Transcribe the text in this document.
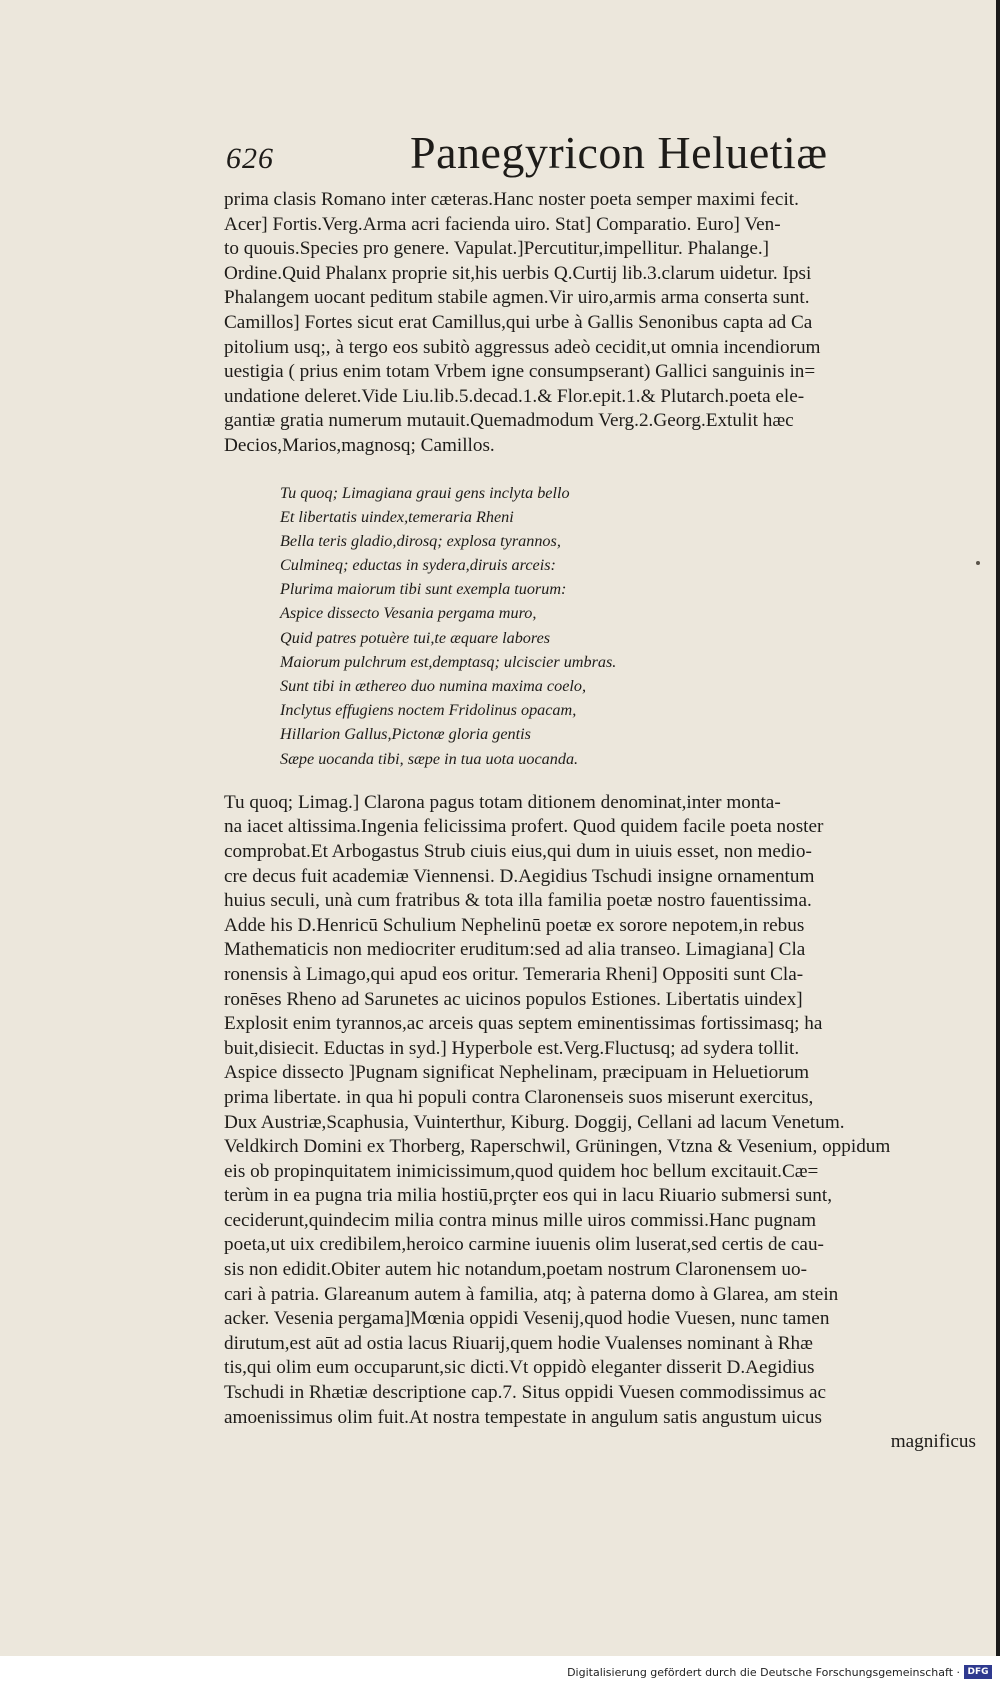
626	Panegyricon Heluetiæ
prima clasis Romano inter cæteras.Hanc noster poeta semper maximi fecit.
Acer] Fortis.Verg.Arma acri facienda uiro. Stat] Comparatio. Euro] Ven-
to quouis.Species pro genere. Vapulat.]Percutitur,impellitur. Phalange.]
Ordine.Quid Phalanx proprie sit,his uerbis Q.Curtij lib.3.clarum uidetur. Ipsi
Phalangem uocant peditum stabile agmen.Vir uiro,armis arma conserta sunt.
Camillos] Fortes sicut erat Camillus,qui urbe à Gallis Senonibus capta ad Ca
pitolium usq;, à tergo eos subitò aggressus adeò cecidit,ut omnia incendiorum
uestigia ( prius enim totam Vrbem igne consumpserant) Gallici sanguinis in=
undatione deleret.Vide Liu.lib.5.decad.1.& Flor.epit.1.& Plutarch.poeta ele-
gantiæ gratia numerum mutauit.Quemadmodum Verg.2.Georg.Extulit hæc
Decios,Marios,magnosq; Camillos.
Tu quoq; Limagiana graui gens inclyta bello
Et libertatis uindex,temeraria Rheni
Bella teris gladio,dirosq; explosa tyrannos,
Culmineq; eductas in sydera,diruis arceis:
Plurima maiorum tibi sunt exempla tuorum:
Aspice dissecto Vesania pergama muro,
Quid patres potuère tui,te æquare labores
Maiorum pulchrum est,demptasq; ulciscier umbras.
Sunt tibi in æthereo duo numina maxima coelo,
Inclytus effugiens noctem Fridolinus opacam,
Hillarion Gallus,Pictonæ gloria gentis
Sæpe uocanda tibi, sæpe in tua uota uocanda.
Tu quoq; Limag.] Clarona pagus totam ditionem denominat,inter monta-
na iacet altissima.Ingenia felicissima profert. Quod quidem facile poeta noster
comprobat.Et Arbogastus Strub ciuis eius,qui dum in uiuis esset, non medio-
cre decus fuit academiæ Viennensi. D.Aegidius Tschudi insigne ornamentum
huius seculi, unà cum fratribus & tota illa familia poetæ nostro fauentissima.
Adde his D.Henricū Schulium Nephelinū poetæ ex sorore nepotem,in rebus
Mathematicis non mediocriter eruditum:sed ad alia transeo. Limagiana] Cla
ronensis à Limago,qui apud eos oritur. Temeraria Rheni] Oppositi sunt Cla-
ronēses Rheno ad Sarunetes ac uicinos populos Estiones. Libertatis uindex]
Explosit enim tyrannos,ac arceis quas septem eminentissimas fortissimasq; ha
buit,disiecit. Eductas in syd.] Hyperbole est.Verg.Fluctusq; ad sydera tollit.
Aspice dissecto ]Pugnam significat Nephelinam, præcipuam in Heluetiorum
prima libertate. in qua hi populi contra Claronenseis suos miserunt exercitus,
Dux Austriæ,Scaphusia, Vuinterthur, Kiburg. Doggij, Cellani ad lacum Venetum.
Veldkirch Domini ex Thorberg, Raperschwil, Grüningen, Vtzna & Vesenium, oppidum
eis ob propinquitatem inimicissimum,quod quidem hoc bellum excitauit.Cæ=
terùm in ea pugna tria milia hostiū,prçter eos qui in lacu Riuario submersi sunt,
ceciderunt,quindecim milia contra minus mille uiros commissi.Hanc pugnam
poeta,ut uix credibilem,heroico carmine iuuenis olim luserat,sed certis de cau-
sis non edidit.Obiter autem hic notandum,poetam nostrum Claronensem uo-
cari à patria. Glareanum autem à familia, atq; à paterna domo à Glarea, am stein
acker. Vesenia pergama]Mœnia oppidi Vesenij,quod hodie Vuesen, nunc tamen
dirutum,est aūt ad ostia lacus Riuarij,quem hodie Vualenses nominant à Rhæ
tis,qui olim eum occuparunt,sic dicti.Vt oppidò eleganter disserit D.Aegidius
Tschudi in Rhætiæ descriptione cap.7. Situs oppidi Vuesen commodissimus ac
amoenissimus olim fuit.At nostra tempestate in angulum satis angustum uicus
magnificus
Digitalisierung gefördert durch die Deutsche Forschungsgemeinschaft · DFG
